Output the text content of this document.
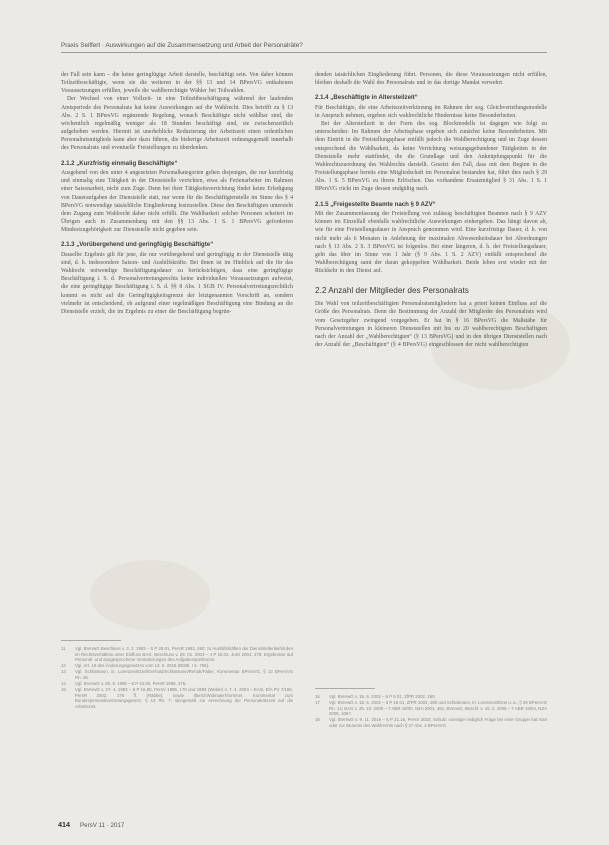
Praxis Seiffert · Auswirkungen auf die Zusammensetzung und Arbeit der Personalräte?

der Fall sein kann – die keine geringfügige Arbeit darstelle, beschäftigt sein. Von daher können Teilzeitbeschäftigte, wenn sie die weiteren in der §§ 13 und 14 BPersVG enthaltenen Voraussetzungen erfüllen, jeweils die wahlberechtigte Wähler bei Teilwahlen.

Der Wechsel von einer Vollzeit- in eine Teilzeitbeschäftigung während der laufenden Amtsperiode des Personalrats hat keine Auswirkungen auf die Wahlrecht. Dies betrifft zu § 13 Abs. 2 S. 1 BPersVG ergänzende Regelung, wonach Beschäftigte nicht wählbar sind, die wöchentlich regelmäßig weniger als 18 Stunden beschäftigt sind, sie zwischenzeitlich aufgehoben werden. Hiermit ist unerhebliche Reduzierung der Arbeitszeit einen ordentlichen Personalratsmitglieds kann aber dazu führen, die bisherige Arbeitszeit ordnungsgemäß innerhalb des Personalrats und eventuelle Freistellungen zu überdenken.

2.1.2 „Kurzfristig einmalig Beschäftigte“

Ausgehend von den unter 4 angesetzten Personalkategorien gelten diejenigen, die nur kurzfristig und einmalig eine Tätigkeit in der Dienststelle verrichten, etwa als Ferienarbeiter im Rahmen einer Saisonarbeit, nicht zum Zuge. Denn bei ihrer Tätigkeitsverrichtung findet keine Erledigung von Daueraufgaben der Dienststelle statt, nur wenn für die Beschäftigtenstelle im Sinne des § 4 BPersVG notwendige tatsächliche Eingliederung festzustellen. Diese den Beschäftigten untersteht dem Zugang zum Wahlrecht daher nicht erfüllt. Die Wahlbarkeit solcher Personen scheitert im Übrigen auch in Zusammenhang mit den §§ 13 Abs. 1 S. 1 BPersVG geforderten Mindestzugehörigkeit zur Dienststelle nicht gegeben sein.

2.1.3 „Vorübergehend und geringfügig Beschäftigte“

Dasselbe Ergebnis gilt für jene, die nur vorübergehend und geringfügig in der Dienststelle tätig sind, d. h. insbesondere Saison- und Aushilfskräfte. Bei ihnen ist im Hinblick auf die für das Wahlrecht notwendige Beschäftigungsdauer zu berücksichtigen, dass eine geringfügige Beschäftigung i. S. d. Personalvertretungsrechts keine individuellen Voraussetzungen aufweist, die eine geringfügige Beschäftigung i. S. d. §§ 8 Abs. 1 SGB IV. Personalvertretungsrechtlich kommt es nicht auf die Geringfügigkeitsgrenze der letztgenannten Vorschrift an, sondern vielmehr ist entscheidend, ob aufgrund einer regelmäßigen Beschäftigung eine Bindung an die Dienststelle erzielt, die im Ergebnis zu einer die Beschäftigung begrün-

denden tatsächlichen Eingliederung führt. Personen, die diese Voraussetzungen nicht erfüllen, bleiben deshalb die Wahl des Personalrats und in das dortige Mandat verwehrt.

2.1.4 „Beschäftigte in Altersteilzeit“

Für Beschäftigte, die eine Arbeitszeitverkürzung im Rahmen der sog. Gleichverteilungsmodelle in Anspruch nehmen, ergeben sich wahlrechtliche Hindernisse keine Besonderheiten.

Bei der Altersteilzeit in der Form des sog. Blockmodells ist dagegen wie folgt zu unterscheiden: Im Rahmen der Arbeitsphase ergeben sich zunächst keine Besonderheiten. Mit dem Eintritt in die Freistellungsphase entfällt jedoch die Wahlberechtigung und im Zuge dessen entsprechend die Wählbarkeit, da keine Verrichtung weisungsgebundener Tätigkeiten in der Dienststelle mehr stattfindet, die die Grundlage und den Anknüpfungspunkt für die Wahlrechtszuordnung des Wahlrechts darstellt. Gesetzt den Fall, dass mit dem Beginn in die Freistellungsphase bereits eine Mitgliedschaft im Personalrat bestanden hat, führt dies nach § 29 Abs. 1 S. 5 BPersVG zu ihrem Erlöschen. Das vorhandene Ersatzmitglied § 31 Abs. 1 S. 1 BPersVG rückt im Zuge dessen endgültig nach.

2.1.5 „Freigestellte Beamte nach § 9 AZV“

Mit der Zusammenfassung der Freistellung von zulässig beschäftigten Beamten nach § 9 AZV können im Einzelfall ebenfalls wahlrechtliche Auswirkungen einhergehen. Das hängt davon ab, wie für eine Freistellungsdauer in Anspruch genommen wird. Eine kurzfristige Dauer, d. h. von nicht mehr als 6 Monaten in Anlehnung der maximalen Abwesenheitsdauer bei Abordnungen nach § 13 Abs. 2 S. 3 BPersVG ist folgenlos. Bei einer längeren, d. h. der Freistellungsdauer, geht das über im Sinne von 1 Jahr (§ 9 Abs. 1 S. 2 AZV) entfällt entsprechend die Wahlberechtigung samt der daran gekoppelten Wählbarkeit. Beide leben erst wieder mit der Rückkehr in den Dienst auf.

2.2 Anzahl der Mitglieder des Personalrats

Die Wahl von teilzeitbeschäftigten Personalratsmitgliedern hat a priori keinen Einfluss auf die Größe des Personalrats. Denn die Bestimmung der Anzahl der Mitglieder des Personalrats wird vom Gesetzgeber zwingend vorgegeben. Er hat in § 16 BPersVG die Maßstäbe für Personalvertretungen in kleineren Dienststellen mit bis zu 20 wahlberechtigten Beschäftigten nach der Anzahl der „Wahlberechtigten“ (§ 13 BPersVG) und in den übrigen Dienststellen nach der Anzahl der „Beschäftigten“ (§ 4 BPersVG) eingeschlossen der nicht wahlberechtigten

11	Vgl. BVerwG Beschluss v. 3. 2. 1993 – 6 P 28.91, PersR 1993, 260; zu Aushilfskräften der Dienststellenbehörden im Rechtsverhältnis unter Einfluss BAG, Beschluss v. 29. 01. 2003 – 4 P 15.02, Juris 2004, 278; Ergebnisse auf Personal- und ausgesprochene Veränderungen des Aufgabenspektrums.
12	Vgl. Art. 19 des Änderungsgesetzes vom 13. 5. 2015 (BGBl. I S. 706).
13	Vgl. Schlatmann, in: Lorenzen/Etzel/Gerhold/Schlatmann/Rehak/Faber, Kommentar BPersVG, § 13 BPersVG Rn. 36.
14	Vgl. BVerwG v. 25. 9. 1995 – 6 P 44.93, PersR 1996, 276.
15	Vgl. BVerwG v. 27. 4. 1983 – 6 P 16.80, PersV 1985, 170 und 1983 (Weber) v. 7. 4. 2003 – EAG, EfA PV 7/180, PersR 2002, 179 ff. (Rabbe); sowie Ilbertz/Widmaier/Sommer, Kommentar zum Bundespersonalvertretungsgesetz, § 13 Rn. 7; sinngemäß zur Anrechnung der Personalratszeit auf die Arbeitszeit.
16	Vgl. BVerwG v. 15. 5. 2002 – 6 P 8.01, ZfPR 2002, 260.
17	Vgl. BVerwG v. 15. 5. 2002 – 6 P 18.01, ZfPR 2002, 260 und Schlatmann, in: Lorenzen/Etzel u. a., § 29 BPersVG Rn. 14; BAG v. 25. 10. 2000 – 7 ABR 18/00, NZA 2001, 461; BVerwG, Beschl. v. 16. 2. 2005 – 7 ABR 19/04, NZA 2005, 1067.
18	Vgl. BVerwG v. 9. 11. 2016 – 5 P 21.16, PersV 2016; Schulz: sonstiger lediglich Frage bei einer Gruppe hat man oder zur Beamtin des Wahlrechts nach § 27 Abs. 2 BPersVG.
414 PersV 11 · 2017
